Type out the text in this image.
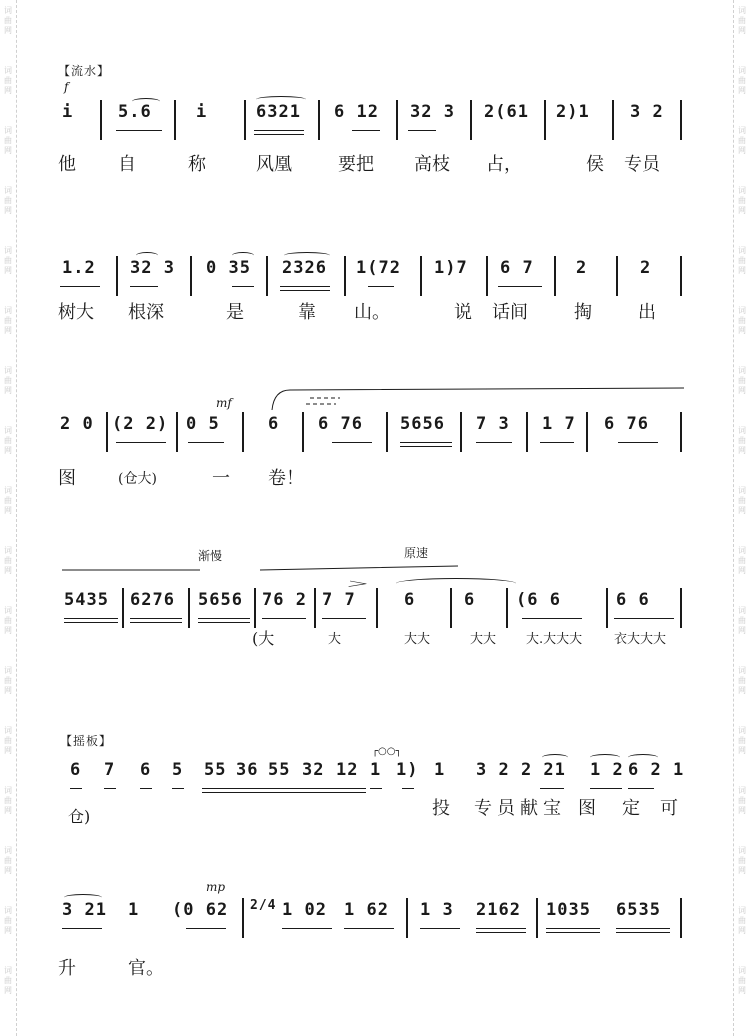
词曲网
词曲网
词曲网
词曲网
词曲网
词曲网
词曲网
词曲网
词曲网
词曲网
词曲网
词曲网
词曲网
词曲网
词曲网
词曲网
词曲网
词曲网
词曲网
词曲网
词曲网
词曲网
词曲网
词曲网
词曲网
词曲网
词曲网
词曲网
词曲网
词曲网
词曲网
词曲网
词曲网
词曲网
【流水】
f
i	5.6	i	6321 6 12 32 3 2(61 2)1 3 2
他 自	称	风凰	要把 高枝 占，	侯 专员
1.2 32 3 0 35 2326 1(72 1)7 6 7 2	2
树大 根深	是	靠 山。	说 话间	掏	出
mf
2 0 (2 2) 0 5	6 6 76 5656 7 3 1 7 6 76
图	(仓大)	一 卷！
渐慢	原速
𝆓
5435 6276 5656 76 2 7 7	6	6 (6 6	6 6
(大	大	大大	大大 大.大大大 衣大大大
【摇板】
┌○○┐
6 7 6 5 55 36 55 32 12 1 1) 1 3 2 2 21 1 2 6 2 1
仓)	投 专员献宝 图 定 可
mp
3 21 1 (0 62 2/4 1 02 1 62 1 3 2162 1035 6535
升	官。
